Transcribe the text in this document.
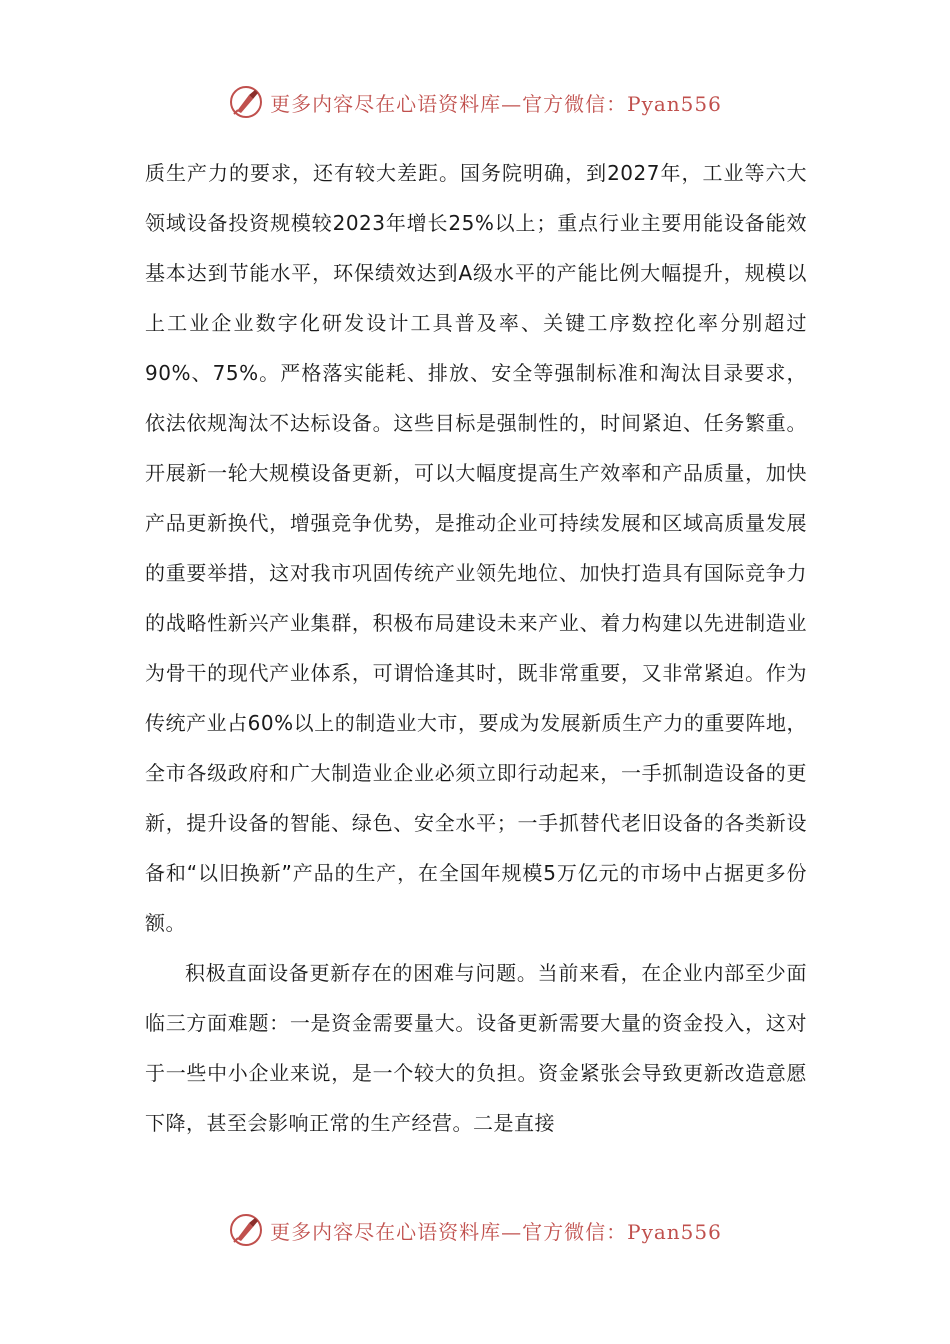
更多内容尽在心语资料库—官方微信：Pyan556

质生产力的要求，还有较大差距。国务院明确，到2027年，工业等六大领域设备投资规模较2023年增长25%以上；重点行业主要用能设备能效基本达到节能水平，环保绩效达到A级水平的产能比例大幅提升，规模以上工业企业数字化研发设计工具普及率、关键工序数控化率分别超过90%、75%。严格落实能耗、排放、安全等强制标准和淘汰目录要求，依法依规淘汰不达标设备。这些目标是强制性的，时间紧迫、任务繁重。开展新一轮大规模设备更新，可以大幅度提高生产效率和产品质量，加快产品更新换代，增强竞争优势，是推动企业可持续发展和区域高质量发展的重要举措，这对我市巩固传统产业领先地位、加快打造具有国际竞争力的战略性新兴产业集群，积极布局建设未来产业、着力构建以先进制造业为骨干的现代产业体系，可谓恰逢其时，既非常重要，又非常紧迫。作为传统产业占60%以上的制造业大市，要成为发展新质生产力的重要阵地，全市各级政府和广大制造业企业必须立即行动起来，一手抓制造设备的更新，提升设备的智能、绿色、安全水平；一手抓替代老旧设备的各类新设备和“以旧换新”产品的生产，在全国年规模5万亿元的市场中占据更多份额。

积极直面设备更新存在的困难与问题。当前来看，在企业内部至少面临三方面难题：一是资金需要量大。设备更新需要大量的资金投入，这对于一些中小企业来说，是一个较大的负担。资金紧张会导致更新改造意愿下降，甚至会影响正常的生产经营。二是直接

更多内容尽在心语资料库—官方微信：Pyan556
